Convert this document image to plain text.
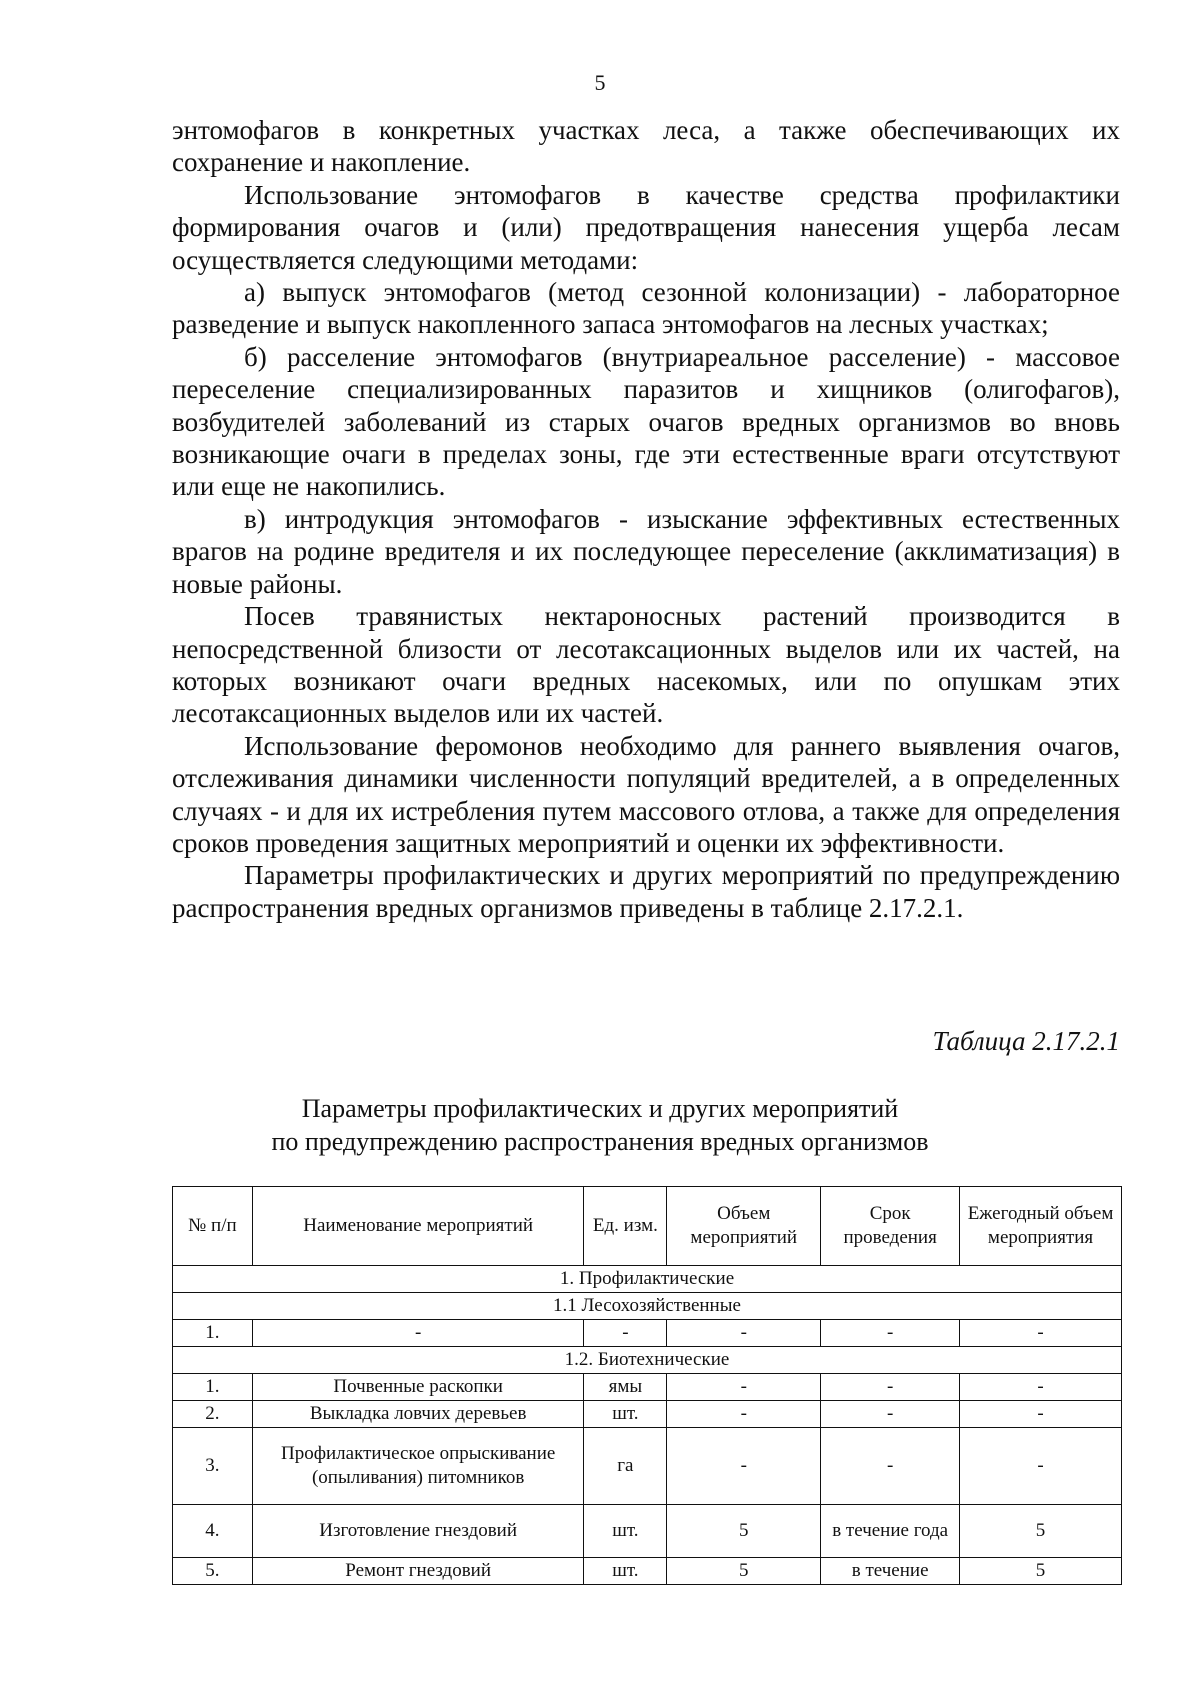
5

энтомофагов в конкретных участках леса, а также обеспечивающих их сохранение и накопление.

Использование энтомофагов в качестве средства профилактики формирования очагов и (или) предотвращения нанесения ущерба лесам осуществляется следующими методами:

а) выпуск энтомофагов (метод сезонной колонизации) - лабораторное разведение и выпуск накопленного запаса энтомофагов на лесных участках;

б) расселение энтомофагов (внутриареальное расселение) - массовое переселение специализированных паразитов и хищников (олигофагов), возбудителей заболеваний из старых очагов вредных организмов во вновь возникающие очаги в пределах зоны, где эти естественные враги отсутствуют или еще не накопились.

в) интродукция энтомофагов - изыскание эффективных естественных врагов на родине вредителя и их последующее переселение (акклиматизация) в новые районы.

Посев травянистых нектароносных растений производится в непосредственной близости от лесотаксационных выделов или их частей, на которых возникают очаги вредных насекомых, или по опушкам этих лесотаксационных выделов или их частей.

Использование феромонов необходимо для раннего выявления очагов, отслеживания динамики численности популяций вредителей, а в определенных случаях - и для их истребления путем массового отлова, а также для определения сроков проведения защитных мероприятий и оценки их эффективности.

Параметры профилактических и других мероприятий по предупреждению распространения вредных организмов приведены в таблице 2.17.2.1.

Таблица 2.17.2.1
Параметры профилактических и других мероприятий
по предупреждению распространения вредных организмов
№ п/п	Наименование мероприятий	Ед. изм.	Объем мероприятий	Срок проведения	Ежегодный объем мероприятия
1. Профилактические					
1.1 Лесохозяйственные					
1.	-	-	-	-	-
1.2. Биотехнические					
1.	Почвенные раскопки	ямы	-	-	-
2.	Выкладка ловчих деревьев	шт.	-	-	-
3.	Профилактическое опрыскивание (опыливания) питомников	га	-	-	-
4.	Изготовление гнездовий	шт.	5	в течение года	5
5.	Ремонт гнездовий	шт.	5	в течение	5
